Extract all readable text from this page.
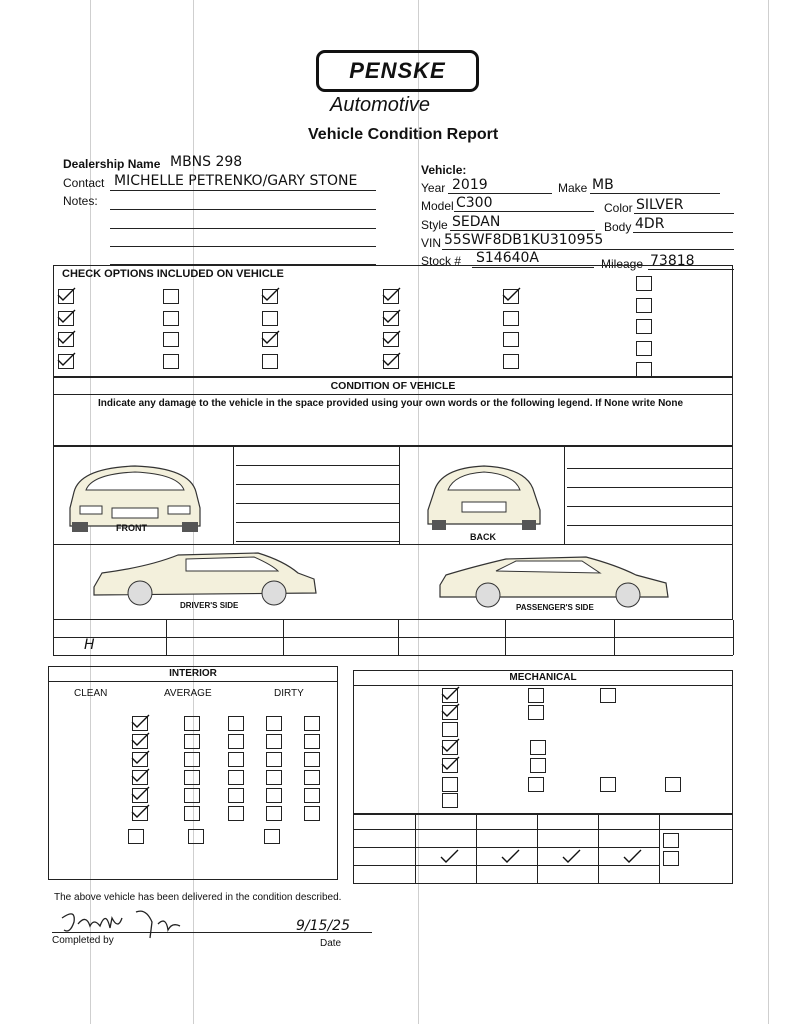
PENSKE
Automotive
Vehicle Condition Report
Dealership Name MBNS 298
Contact MICHELLE PETRENKO/GARY STONE
Notes:
Vehicle:
Year 2019	Make MB
Model C300	Color SILVER
Style SEDAN	Body 4DR
VIN 55SWF8DB1KU310955
Stock # S14640A	Mileage 73818
CHECK OPTIONS INCLUDED ON VEHICLE
CONDITION OF VEHICLE
Indicate any damage to the vehicle in the space provided using your own words or the following legend. If None write None
FRONT
BACK
DRIVER'S SIDE	PASSENGER'S SIDE
H
INTERIOR
CLEAN	AVERAGE	DIRTY
MECHANICAL
The above vehicle has been delivered in the condition described.
Completed by
9/15/25
Date
